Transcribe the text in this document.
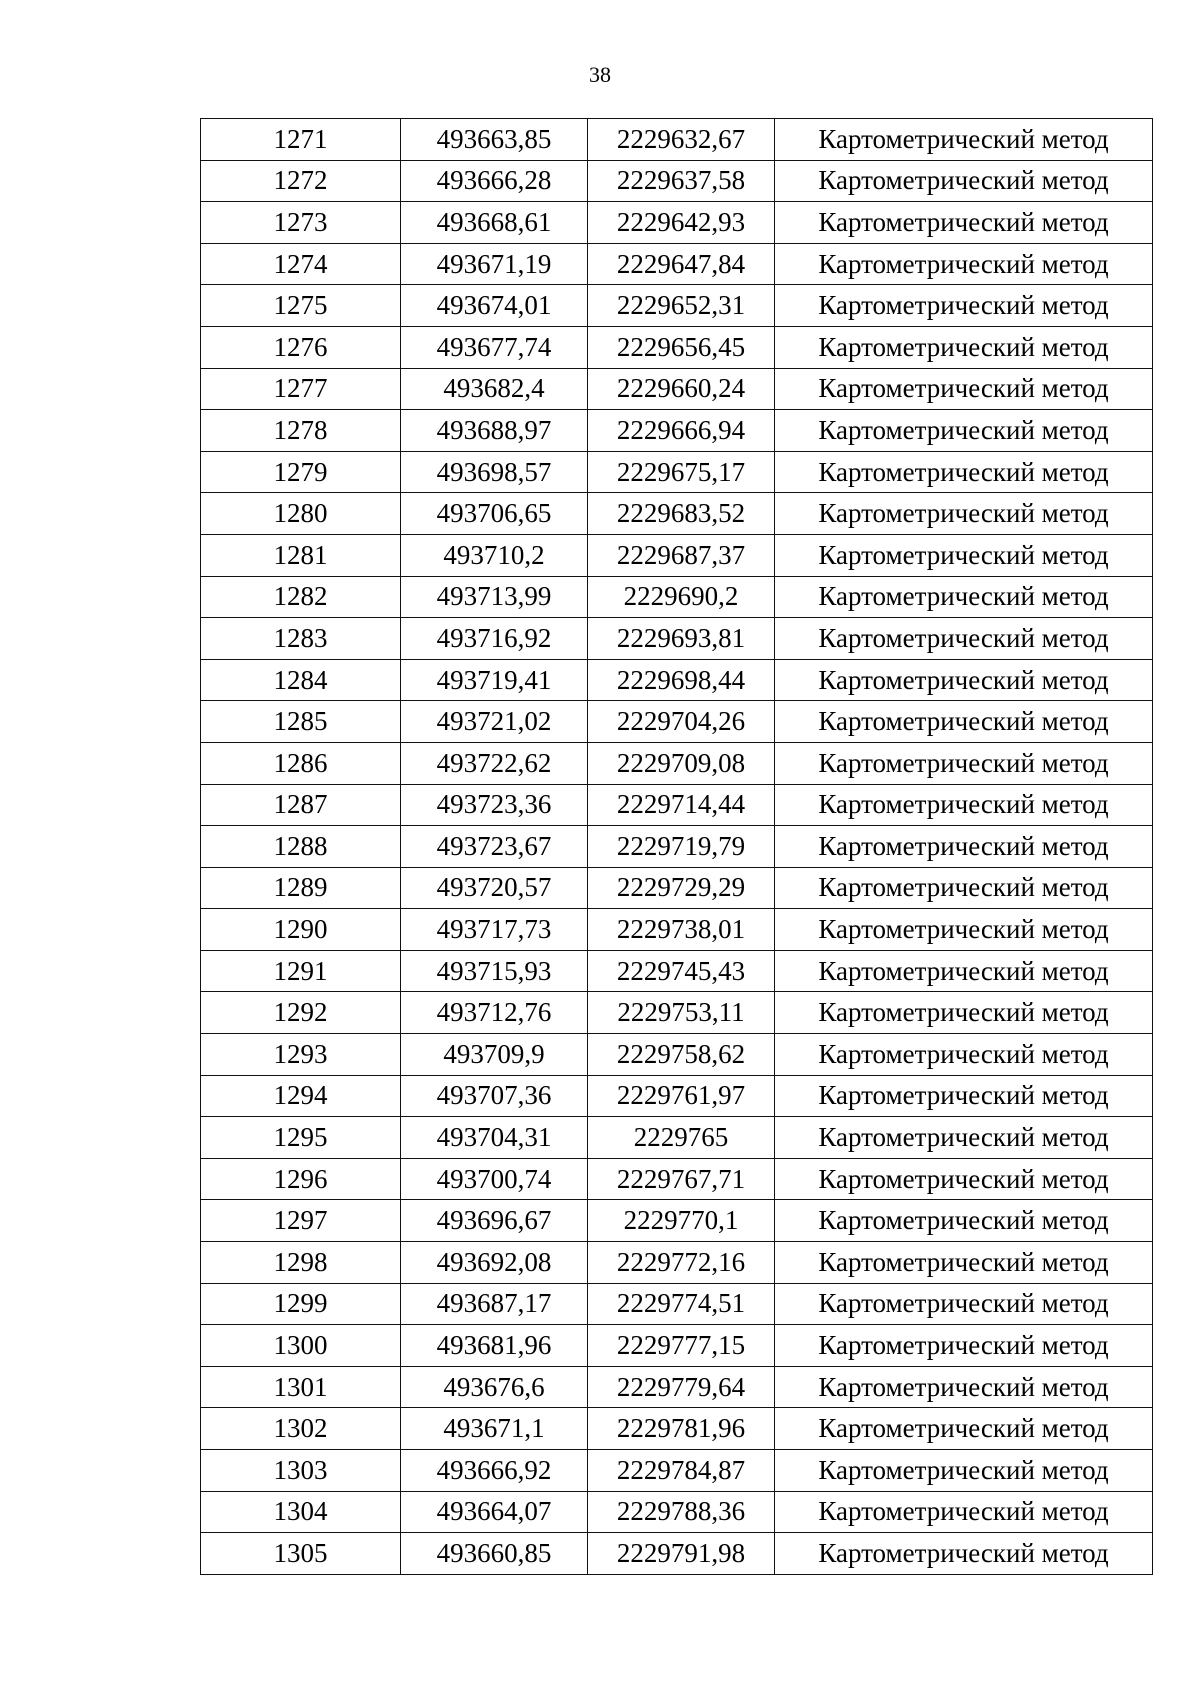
38
1271	493663,85	2229632,67	Картометрический метод
1272	493666,28	2229637,58	Картометрический метод
1273	493668,61	2229642,93	Картометрический метод
1274	493671,19	2229647,84	Картометрический метод
1275	493674,01	2229652,31	Картометрический метод
1276	493677,74	2229656,45	Картометрический метод
1277	493682,4	2229660,24	Картометрический метод
1278	493688,97	2229666,94	Картометрический метод
1279	493698,57	2229675,17	Картометрический метод
1280	493706,65	2229683,52	Картометрический метод
1281	493710,2	2229687,37	Картометрический метод
1282	493713,99	2229690,2	Картометрический метод
1283	493716,92	2229693,81	Картометрический метод
1284	493719,41	2229698,44	Картометрический метод
1285	493721,02	2229704,26	Картометрический метод
1286	493722,62	2229709,08	Картометрический метод
1287	493723,36	2229714,44	Картометрический метод
1288	493723,67	2229719,79	Картометрический метод
1289	493720,57	2229729,29	Картометрический метод
1290	493717,73	2229738,01	Картометрический метод
1291	493715,93	2229745,43	Картометрический метод
1292	493712,76	2229753,11	Картометрический метод
1293	493709,9	2229758,62	Картометрический метод
1294	493707,36	2229761,97	Картометрический метод
1295	493704,31	2229765	Картометрический метод
1296	493700,74	2229767,71	Картометрический метод
1297	493696,67	2229770,1	Картометрический метод
1298	493692,08	2229772,16	Картометрический метод
1299	493687,17	2229774,51	Картометрический метод
1300	493681,96	2229777,15	Картометрический метод
1301	493676,6	2229779,64	Картометрический метод
1302	493671,1	2229781,96	Картометрический метод
1303	493666,92	2229784,87	Картометрический метод
1304	493664,07	2229788,36	Картометрический метод
1305	493660,85	2229791,98	Картометрический метод
